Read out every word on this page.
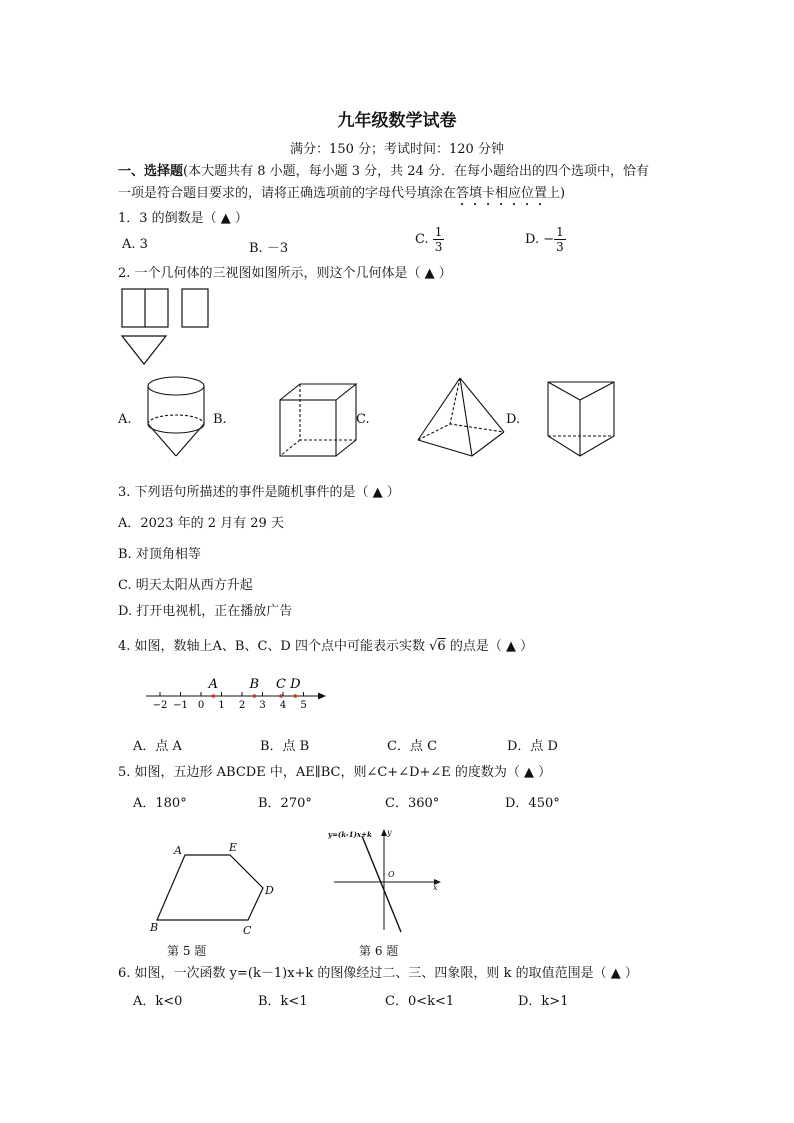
九年级数学试卷
满分：150 分；考试时间：120 分钟
一、选择题(本大题共有 8 小题，每小题 3 分，共 24 分．在每小题给出的四个选项中，恰有
一项是符合题目要求的，请将正确选项前的字母代号填涂在答填卡相应位置上)
1．3 的倒数是（ ▲ ）
A. 3	B. －3
C. $\frac{1}{3}$	D. − $\frac{1}{3}$
2. 一个几何体的三视图如图所示，则这个几何体是（ ▲ ）
A.	B.	C.	D.
3. 下列语句所描述的事件是随机事件的是（ ▲ ）
A．2023 年的 2 月有 29 天
B. 对顶角相等
C. 明天太阳从西方升起
D. 打开电视机，正在播放广告
4. 如图，数轴上A、B、C、D 四个点中可能表示实数 √6 的点是（ ▲ ）
−2 −1 0 1 2 3 4 5
A B C D
A．点 A	B．点 B	C．点 C	D．点 D
5. 如图，五边形 ABCDE 中，AE∥BC，则∠C+∠D+∠E 的度数为（ ▲ ）
A．180°	B．270°	C．360°	D．450°
A	E
D
C
B
第 5 题
y=(k-1)x+k y
x
O
第 6 题
6. 如图，一次函数 y=(k－1)x+k 的图像经过二、三、四象限，则 k 的取值范围是（ ▲ ）
A．k<0	B．k<1	C．0<k<1	D．k>1
